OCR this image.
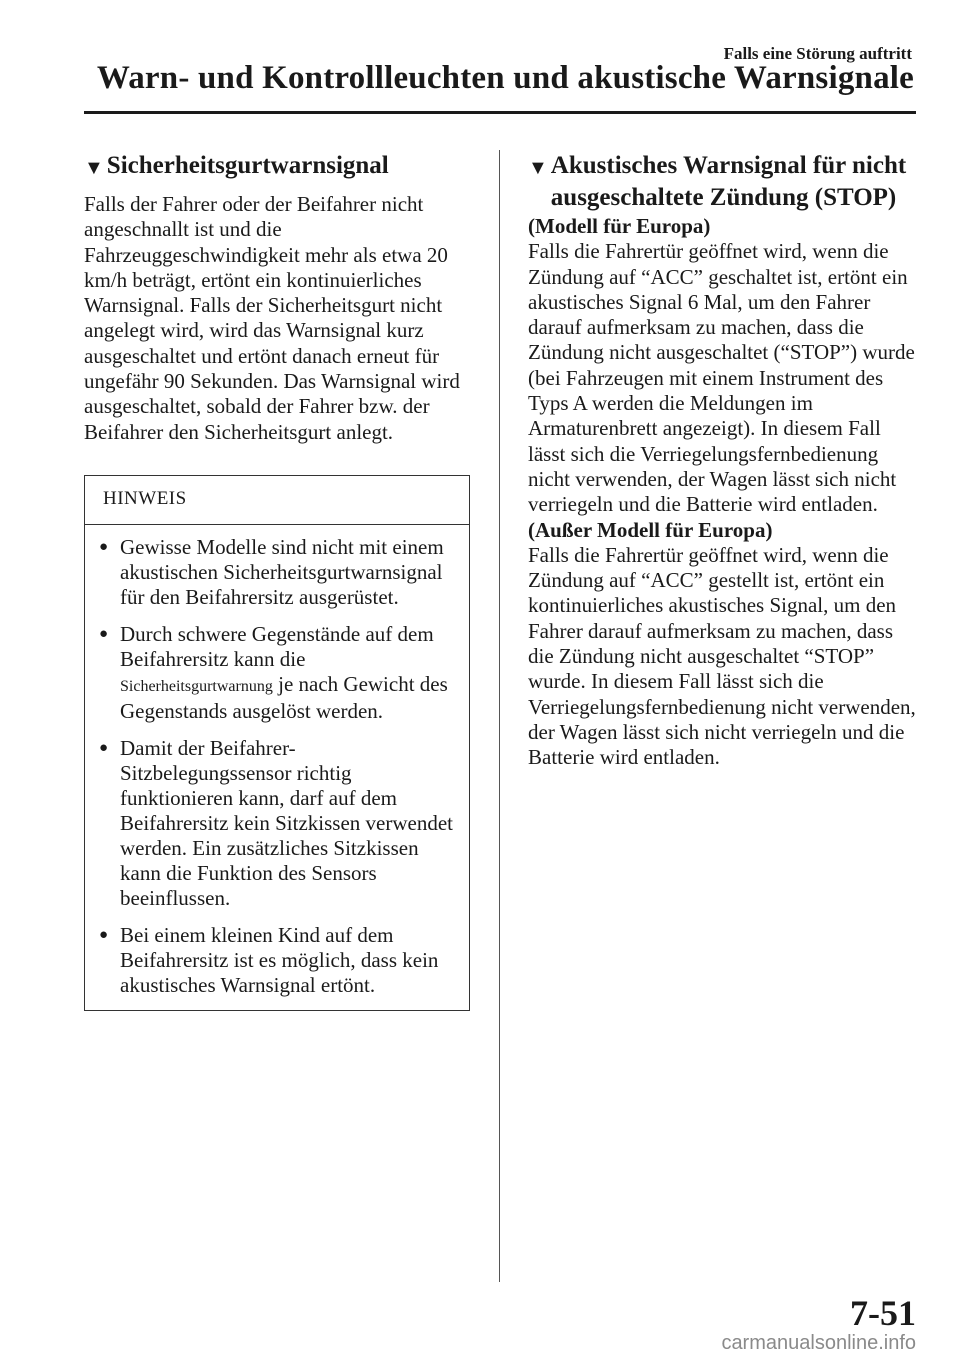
Falls eine Störung auftritt
Warn- und Kontrollleuchten und akustische Warnsignale
▼ Sicherheitsgurtwarnsignal
Falls der Fahrer oder der Beifahrer nicht angeschnallt ist und die Fahrzeuggeschwindigkeit mehr als etwa 20 km/h beträgt, ertönt ein kontinuierliches Warnsignal. Falls der Sicherheitsgurt nicht angelegt wird, wird das Warnsignal kurz ausgeschaltet und ertönt danach erneut für ungefähr 90 Sekunden. Das Warnsignal wird ausgeschaltet, sobald der Fahrer bzw. der Beifahrer den Sicherheitsgurt anlegt.
HINWEIS
● Gewisse Modelle sind nicht mit einem akustischen Sicherheitsgurtwarnsignal für den Beifahrersitz ausgerüstet.
● Durch schwere Gegenstände auf dem Beifahrersitz kann die
Sicherheitsgurtwarnung je nach Gewicht des Gegenstands ausgelöst werden.
● Damit der Beifahrer-Sitzbelegungssensor richtig funktionieren kann, darf auf dem Beifahrersitz kein Sitzkissen verwendet werden. Ein zusätzliches Sitzkissen kann die Funktion des Sensors beeinflussen.
● Bei einem kleinen Kind auf dem Beifahrersitz ist es möglich, dass kein akustisches Warnsignal ertönt.
▼ Akustisches Warnsignal für nicht
ausgeschaltete Zündung (STOP)
(Modell für Europa)
Falls die Fahrertür geöffnet wird, wenn die Zündung auf “ACC” geschaltet ist, ertönt ein akustisches Signal 6 Mal, um den Fahrer darauf aufmerksam zu machen, dass die Zündung nicht ausgeschaltet (“STOP”) wurde (bei Fahrzeugen mit einem Instrument des Typs A werden die Meldungen im Armaturenbrett angezeigt). In diesem Fall lässt sich die Verriegelungsfernbedienung nicht verwenden, der Wagen lässt sich nicht verriegeln und die Batterie wird entladen.
(Außer Modell für Europa)
Falls die Fahrertür geöffnet wird, wenn die Zündung auf “ACC” gestellt ist, ertönt ein kontinuierliches akustisches Signal, um den Fahrer darauf aufmerksam zu machen, dass die Zündung nicht ausgeschaltet “STOP” wurde. In diesem Fall lässt sich die Verriegelungsfernbedienung nicht verwenden, der Wagen lässt sich nicht verriegeln und die Batterie wird entladen.
7-51
carmanualsonline.info
